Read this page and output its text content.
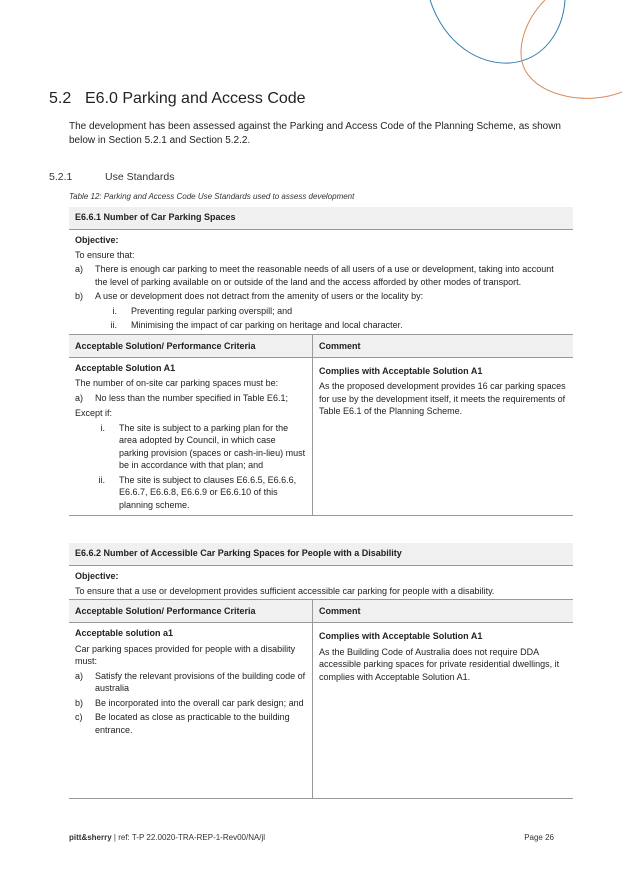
5.2 E6.0 Parking and Access Code
The development has been assessed against the Parking and Access Code of the Planning Scheme, as shown below in Section 5.2.1 and Section 5.2.2.
5.2.1	Use Standards
Table 12: Parking and Access Code Use Standards used to assess development
E6.6.1 Number of Car Parking Spaces
Objective:
To ensure that:
a)	There is enough car parking to meet the reasonable needs of all users of a use or development, taking into account the level of parking available on or outside of the land and the access afforded by other modes of transport.
b)	A use or development does not detract from the amenity of users or the locality by:
i.	Preventing regular parking overspill; and
ii.	Minimising the impact of car parking on heritage and local character.
Acceptable Solution/ Performance Criteria	Comment
Acceptable Solution A1
The number of on-site car parking spaces must be:
a)	No less than the number specified in Table E6.1;
Except if:
i.	The site is subject to a parking plan for the area adopted by Council, in which case parking provision (spaces or cash-in-lieu) must be in accordance with that plan; and
ii.	The site is subject to clauses E6.6.5, E6.6.6, E6.6.7, E6.6.8, E6.6.9 or E6.6.10 of this planning scheme.
Complies with Acceptable Solution A1
As the proposed development provides 16 car parking spaces for use by the development itself, it meets the requirements of Table E6.1 of the Planning Scheme.
E6.6.2 Number of Accessible Car Parking Spaces for People with a Disability
Objective:
To ensure that a use or development provides sufficient accessible car parking for people with a disability.
Acceptable Solution/ Performance Criteria	Comment
Acceptable solution a1
Car parking spaces provided for people with a disability must:
a)	Satisfy the relevant provisions of the building code of australia
b)	Be incorporated into the overall car park design; and
c)	Be located as close as practicable to the building entrance.
Complies with Acceptable Solution A1
As the Building Code of Australia does not require DDA accessible parking spaces for private residential dwellings, it complies with Acceptable Solution A1.
pitt&sherry | ref: T-P 22.0020-TRA-REP-1-Rev00/NA/jl	Page 26
